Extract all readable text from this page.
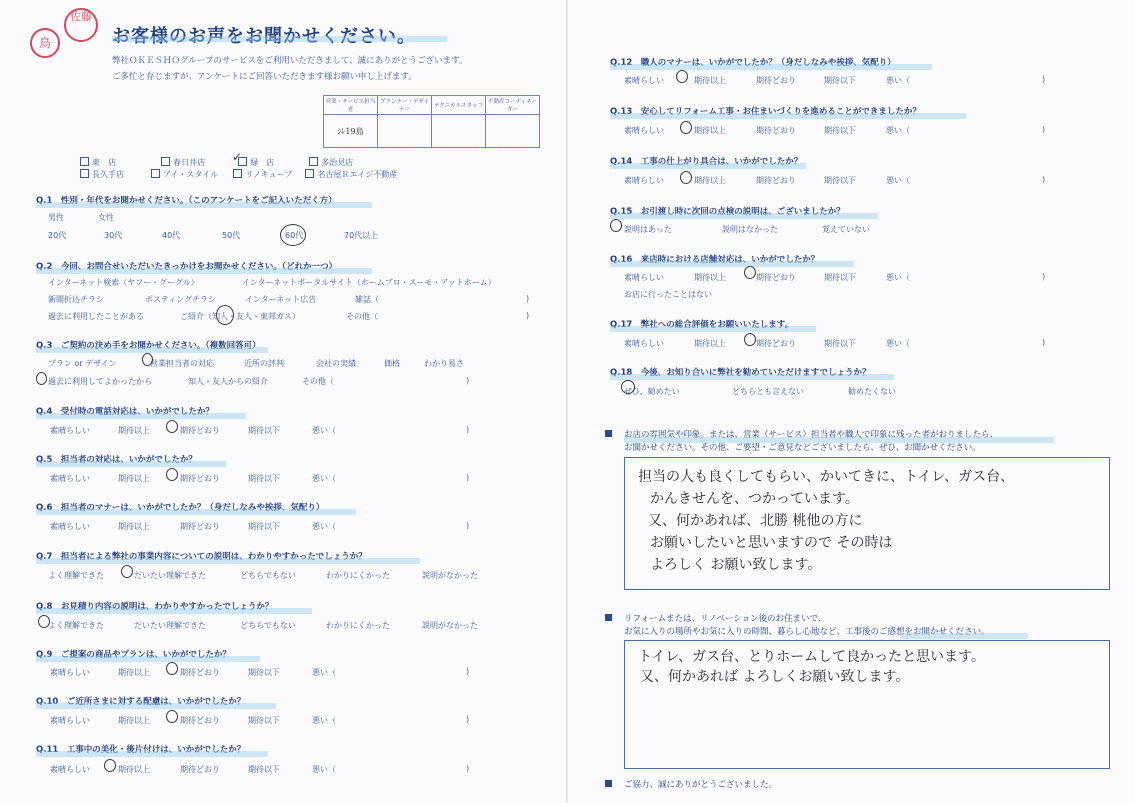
鳥
佐藤
お客様のお声をお聞かせください。
弊社ＯＫＥＳＨＯグループのサービスをご利用いただきまして、誠にありがとうございます。
ご多忙と存じますが、アンケートにご回答いただきます様お願い申し上げます。
営業・サービス担当者	プランナー・デザイナー	テクニカルスタッフ	不動産コーディネーター
ｼﾚ19島			
東　店	春日井店	緑　店	多治見店
長久手店	アイ・スタイル	リノキューブ	名古屋Ｒエイジ不動産
✓
Q.1　性別・年代をお聞かせください。（このアンケートをご記入いただく方）
男性	女性
20代	30代	40代	50代	60代	70代以上
Q.2　今回、お問合せいただいたきっかけをお聞かせください。（どれか一つ）
インターネット検索（ヤフー・グーグル）	インターネットポータルサイト（ホームプロ・スーモ・アットホーム）
新聞折込チラシ	ポスティングチラシ	インターネット広告	雑誌（	)
過去に利用したことがある	ご紹介（知人・友人・東邦ガス）	その他（	)
Q.3　ご契約の決め手をお聞かせください。（複数回答可）
プラン or デザイン	営業担当者の対応	近所の評判	会社の実績	価格	わかり易さ
過去に利用してよかったから	知人・友人からの紹介	その他（	)
Q.4　受付時の電話対応は、いかがでしたか？
素晴らしい	期待以上	期待どおり	期待以下	悪い（	)
Q.5　担当者の対応は、いかがでしたか？
素晴らしい	期待以上	期待どおり	期待以下	悪い（	)
Q.6　担当者のマナーは、いかがでしたか？（身だしなみや挨拶、気配り）
素晴らしい	期待以上	期待どおり	期待以下	悪い（	)
Q.7　担当者による弊社の事業内容についての説明は、わかりやすかったでしょうか？
よく理解できた	だいたい理解できた	どちらでもない	わかりにくかった	説明がなかった
Q.8　お見積り内容の説明は、わかりやすかったでしょうか？
よく理解できた	だいたい理解できた	どちらでもない	わかりにくかった	説明がなかった
Q.9　ご提案の商品やプランは、いかがでしたか？
素晴らしい	期待以上	期待どおり	期待以下	悪い（	)
Q.10　ご近所さまに対する配慮は、いかがでしたか？
素晴らしい	期待以上	期待どおり	期待以下	悪い（	)
Q.11　工事中の美化・後片付けは、いかがでしたか？
素晴らしい	期待以上	期待どおり	期待以下	悪い（	)
Q.12　職人のマナーは、いかがでしたか？（身だしなみや挨拶、気配り）
素晴らしい	期待以上	期待どおり	期待以下	悪い（	)
Q.13　安心してリフォーム工事・お住まいづくりを進めることができましたか？
素晴らしい	期待以上	期待どおり	期待以下	悪い（	)
Q.14　工事の仕上がり具合は、いかがでしたか？
素晴らしい	期待以上	期待どおり	期待以下	悪い（	)
Q.15　お引渡し時に次回の点検の説明は、ございましたか？
説明はあった	説明はなかった	覚えていない
Q.16　来店時における店舗対応は、いかがでしたか？
素晴らしい	期待以上	期待どおり	期待以下	悪い（	)
お店に行ったことはない
Q.17　弊社への総合評価をお願いいたします。
素晴らしい	期待以上	期待どおり	期待以下	悪い（	)
Q.18　今後、お知り合いに弊社を勧めていただけますでしょうか？
ぜひ、勧めたい	どちらとも言えない	勧めたくない
お店の雰囲気や印象。または、営業（サービス）担当者や職人で印象に残った者がおりましたら、
お聞かせください。その他、ご要望・ご意見などございましたら、ぜひ、お聞かせください。
担当の人も良くしてもらい、かいてきに、トイレ、ガス台、
かんきせんを、つかっています。
又、何かあれば、北勝 桃他の方に
お願いしたいと思いますので その時は
よろしく お願い致します。
リフォームまたは、リノベーション後のお住まいで、
お気に入りの場所やお気に入りの時間、暮らし心地など、工事後のご感想をお聞かせください。
トイレ、ガス台、とりホームして良かったと思います。
又、何かあれば よろしくお願い致します。
ご協力、誠にありがとうございました。
